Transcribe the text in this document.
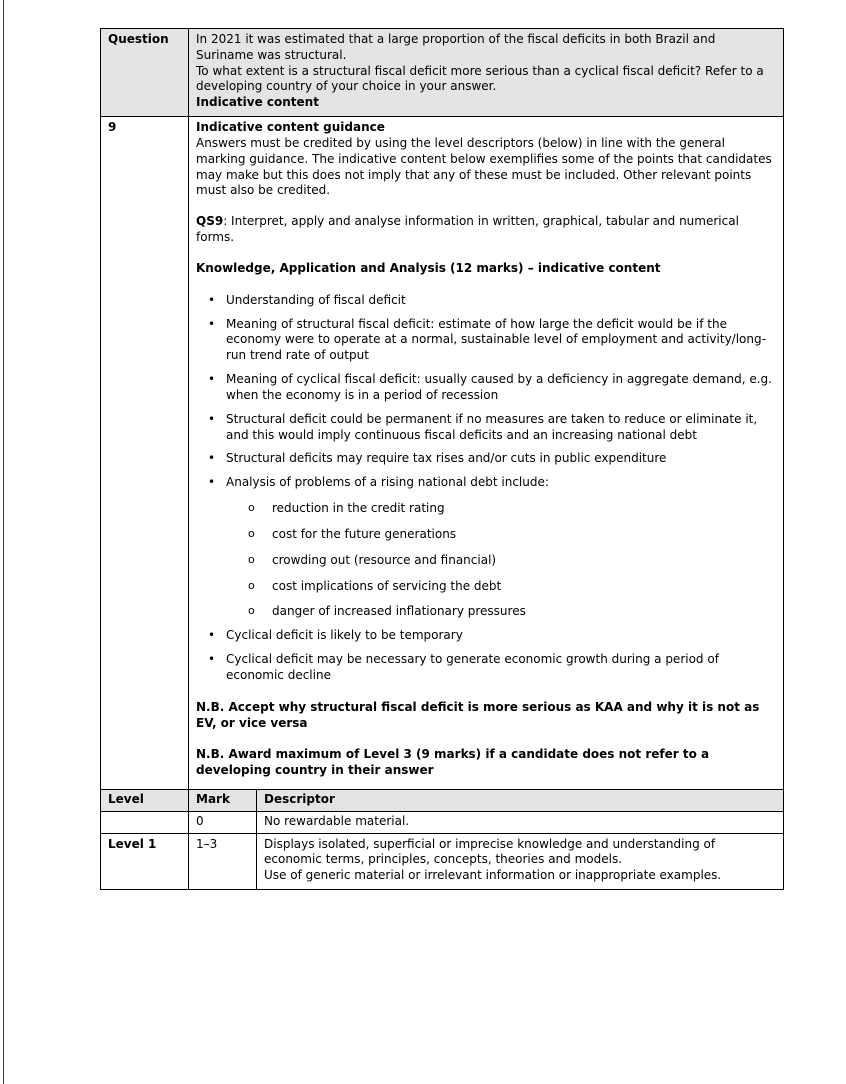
Question	In 2021 it was estimated that a large proportion of the fiscal deficits in both Brazil and Suriname was structural.

To what extent is a structural fiscal deficit more serious than a cyclical fiscal deficit? Refer to a developing country of your choice in your answer.

Indicative content	

9	Indicative content guidance

Answers must be credited by using the level descriptors (below) in line with the general marking guidance. The indicative content below exemplifies some of the points that candidates may make but this does not imply that any of these must be included. Other relevant points must also be credited.

QS9: Interpret, apply and analyse information in written, graphical, tabular and numerical forms.

Knowledge, Application and Analysis (12 marks) – indicative content

• Understanding of fiscal deficit
• Meaning of structural fiscal deficit: estimate of how large the deficit would be if the economy were to operate at a normal, sustainable level of employment and activity/long-run trend rate of output
• Meaning of cyclical fiscal deficit: usually caused by a deficiency in aggregate demand, e.g. when the economy is in a period of recession
• Structural deficit could be permanent if no measures are taken to reduce or eliminate it, and this would imply continuous fiscal deficits and an increasing national debt
• Structural deficits may require tax rises and/or cuts in public expenditure
• Analysis of problems of a rising national debt include:
o	reduction in the credit rating
o	cost for the future generations
o	crowding out (resource and financial)
o	cost implications of servicing the debt
o	danger of increased inflationary pressures
• Cyclical deficit is likely to be temporary
• Cyclical deficit may be necessary to generate economic growth during a period of economic decline

N.B. Accept why structural fiscal deficit is more serious as KAA and why it is not as EV, or vice versa

N.B. Award maximum of Level 3 (9 marks) if a candidate does not refer to a developing country in their answer

Level	Mark	Descriptor
	0	No rewardable material.
Level 1	1–3	Displays isolated, superficial or imprecise knowledge and understanding of economic terms, principles, concepts, theories and models.

Use of generic material or irrelevant information or inappropriate examples.
